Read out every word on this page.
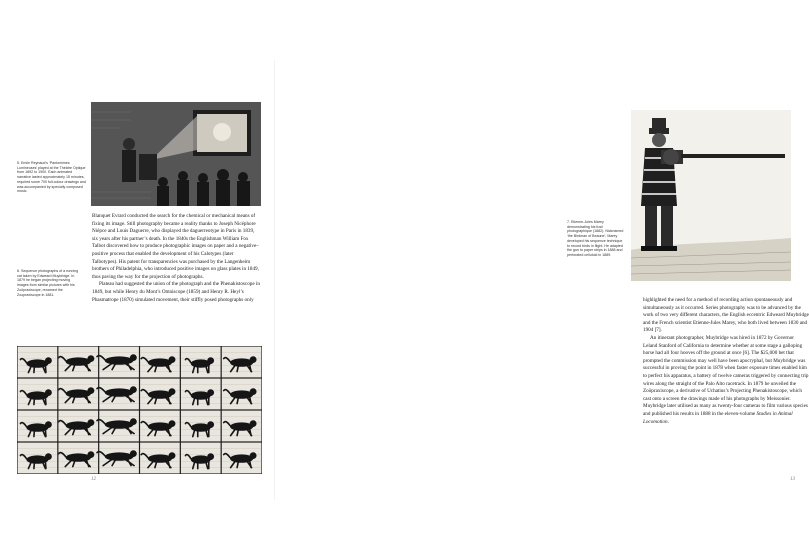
5. Emile Reynaud’s ‘Pantomimes Lumineuses’ played at the Théâtre Optique from 1892 to 1900. Each animated narrative lasted approximately 15 minutes, required some 700 full-colour drawings and was accompanied by specially composed music.

Blanquet Evrard conducted the search for the chemical or mechanical means of fixing its image. Still photography became a reality thanks to Joseph Nicéphore Niépce and Louis Daguerre, who displayed the daguerreotype in Paris in 1839, six years after his partner’s death. In the 1840s the Englishman William Fox Talbot discovered how to produce photographic images on paper and a negative–positive process that enabled the development of his Calotypes (later Talbotypes). His patent for transparencies was purchased by the Langenheim brothers of Philadelphia, who introduced positive images on glass plates in 1849, thus paving the way for the projection of photographs.

Plateau had suggested the union of the photograph and the Phenakistoscope in 1849, but while Henry du Mont’s Omniscope (1859) and Henry R. Heyl’s Phasmatrope (1870) simulated movement, their stiffly posed photographs only

6. Sequence photographs of a running cat taken by Edweard Muybridge. In 1879 he began projecting moving images from similar pictures with his Zoöpraxiscope, renamed the Zoopraxiscope in 1881.
12
7. Etienne-Jules Marey demonstrating his fusil photographique (1882). Nicknamed ‘the Birdman of Beaune’, Marey developed his sequence technique to record birds in flight. He adapted the gun to paper strips in 1888 and perforated celluloid in 1889.

highlighted the need for a method of recording action spontaneously and simultaneously as it occurred. Series photography was to be advanced by the work of two very different characters, the English eccentric Edweard Muybridge and the French scientist Etienne-Jules Marey, who both lived between 1830 and 1904 [7].

An itinerant photographer, Muybridge was hired in 1872 by Governor Leland Stanford of California to determine whether at some stage a galloping horse had all four hooves off the ground at once [6]. The $25,000 bet that prompted the commission may well have been apocryphal, but Muybridge was successful in proving the point in 1878 when faster exposure times enabled him to perfect his apparatus, a battery of twelve cameras triggered by connecting trip wires along the straight of the Palo Alto racetrack. In 1879 he unveiled the Zoöpraxiscope, a derivative of Uchatius’s Projecting Phenakistoscope, which cast onto a screen the drawings made of his photographs by Meissonier. Muybridge later utilised as many as twenty-four cameras to film various species and published his results in 1888 in the eleven-volume Studies in Animal Locomotion.

13
